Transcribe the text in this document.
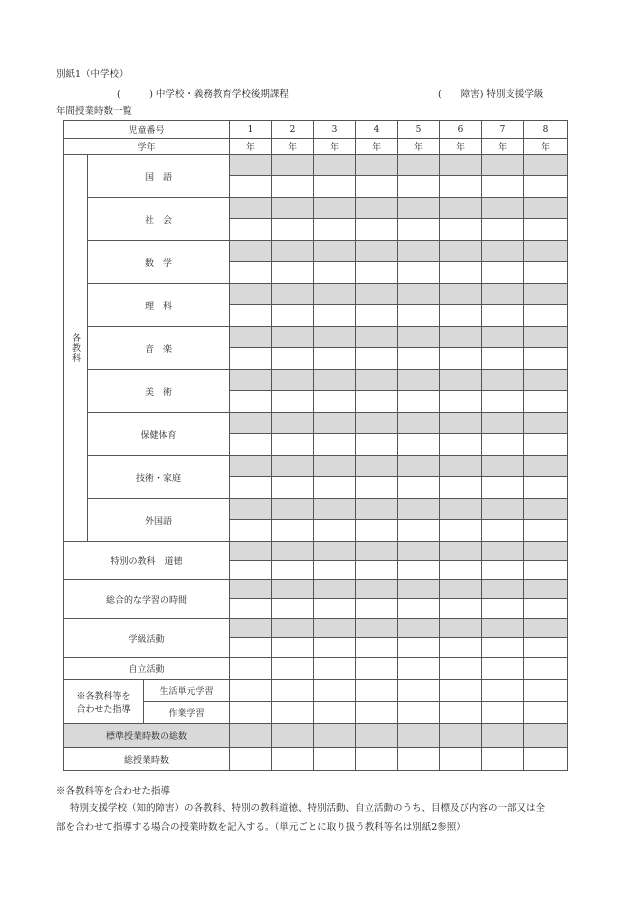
別紙1（中学校）
(　　　) 中学校・義務教育学校後期課程	(　　障害) 特別支援学級
年間授業時数一覧
児童番号			1	2	3	4	5	6	7	8
学年			年	年	年	年	年	年	年	年
各教科	国　語									

	社　会									

	数　学									

	理　科									

	音　楽									

	美　術									

	保健体育									

	技術・家庭									

	外国語									

特別の教科　道徳										

総合的な学習の時間										

学級活動										

自立活動										

※各教科等を
合わせた指導		生活単元学習								
		作業学習								
標準授業時数の総数										
総授業時数										
※各教科等を合わせた指導
特別支援学校（知的障害）の各教科、特別の教科道徳、特別活動、自立活動のうち、目標及び内容の一部又は全
部を合わせて指導する場合の授業時数を記入する。（単元ごとに取り扱う教科等名は別紙2参照）
